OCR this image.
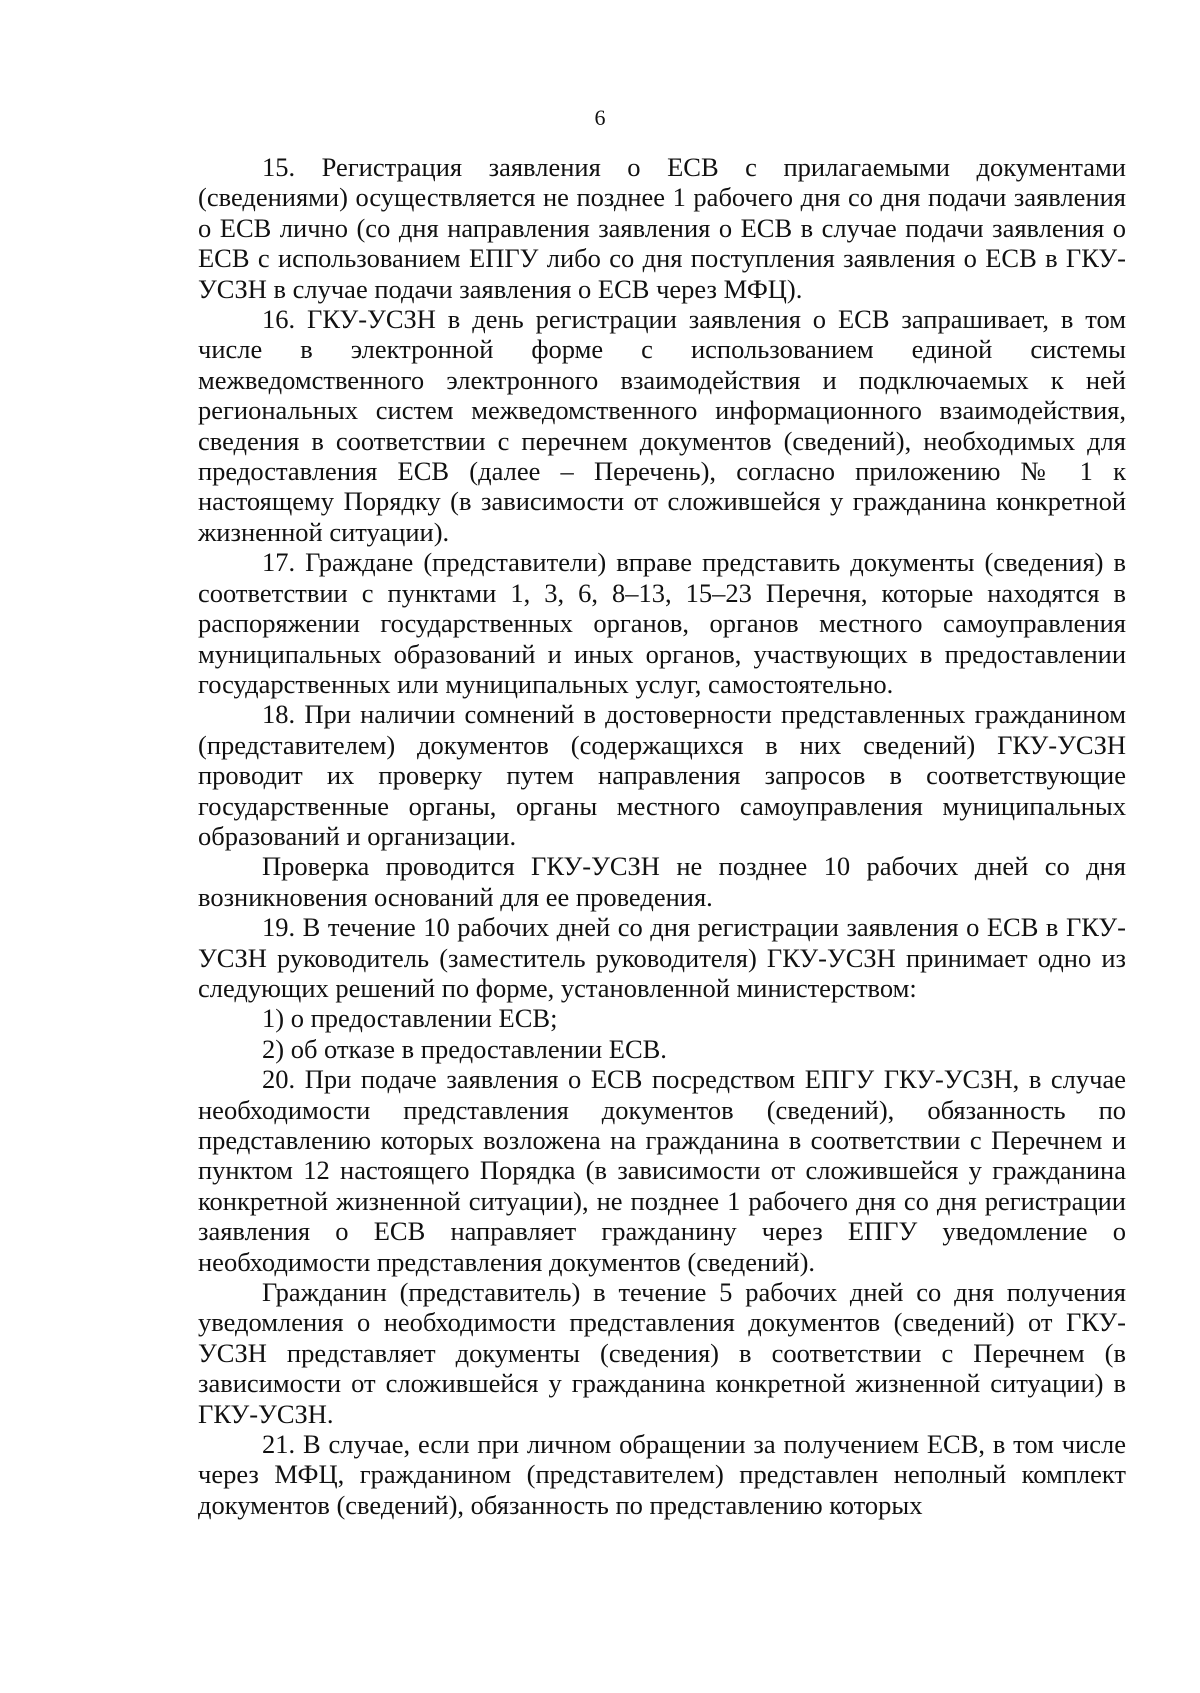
6

15. Регистрация заявления о ЕСВ с прилагаемыми документами (сведениями) осуществляется не позднее 1 рабочего дня со дня подачи заявления о ЕСВ лично (со дня направления заявления о ЕСВ в случае подачи заявления о ЕСВ с использованием ЕПГУ либо со дня поступления заявления о ЕСВ в ГКУ-УСЗН в случае подачи заявления о ЕСВ через МФЦ).

16. ГКУ-УСЗН в день регистрации заявления о ЕСВ запрашивает, в том числе в электронной форме с использованием единой системы межведомственного электронного взаимодействия и подключаемых к ней региональных систем межведомственного информационного взаимодействия, сведения в соответствии с перечнем документов (сведений), необходимых для предоставления ЕСВ (далее – Перечень), согласно приложению № 1 к настоящему Порядку (в зависимости от сложившейся у гражданина конкретной жизненной ситуации).

17. Граждане (представители) вправе представить документы (сведения) в соответствии с пунктами 1, 3, 6, 8–13, 15–23 Перечня, которые находятся в распоряжении государственных органов, органов местного самоуправления муниципальных образований и иных органов, участвующих в предоставлении государственных или муниципальных услуг, самостоятельно.

18. При наличии сомнений в достоверности представленных гражданином (представителем) документов (содержащихся в них сведений) ГКУ-УСЗН проводит их проверку путем направления запросов в соответствующие государственные органы, органы местного самоуправления муниципальных образований и организации.

Проверка проводится ГКУ-УСЗН не позднее 10 рабочих дней со дня возникновения оснований для ее проведения.

19. В течение 10 рабочих дней со дня регистрации заявления о ЕСВ в ГКУ-УСЗН руководитель (заместитель руководителя) ГКУ-УСЗН принимает одно из следующих решений по форме, установленной министерством:

1) о предоставлении ЕСВ;

2) об отказе в предоставлении ЕСВ.

20. При подаче заявления о ЕСВ посредством ЕПГУ ГКУ-УСЗН, в случае необходимости представления документов (сведений), обязанность по представлению которых возложена на гражданина в соответствии с Перечнем и пунктом 12 настоящего Порядка (в зависимости от сложившейся у гражданина конкретной жизненной ситуации), не позднее 1 рабочего дня со дня регистрации заявления о ЕСВ направляет гражданину через ЕПГУ уведомление о необходимости представления документов (сведений).

Гражданин (представитель) в течение 5 рабочих дней со дня получения уведомления о необходимости представления документов (сведений) от ГКУ-УСЗН представляет документы (сведения) в соответствии с Перечнем (в зависимости от сложившейся у гражданина конкретной жизненной ситуации) в ГКУ-УСЗН.

21. В случае, если при личном обращении за получением ЕСВ, в том числе через МФЦ, гражданином (представителем) представлен неполный комплект документов (сведений), обязанность по представлению которых
